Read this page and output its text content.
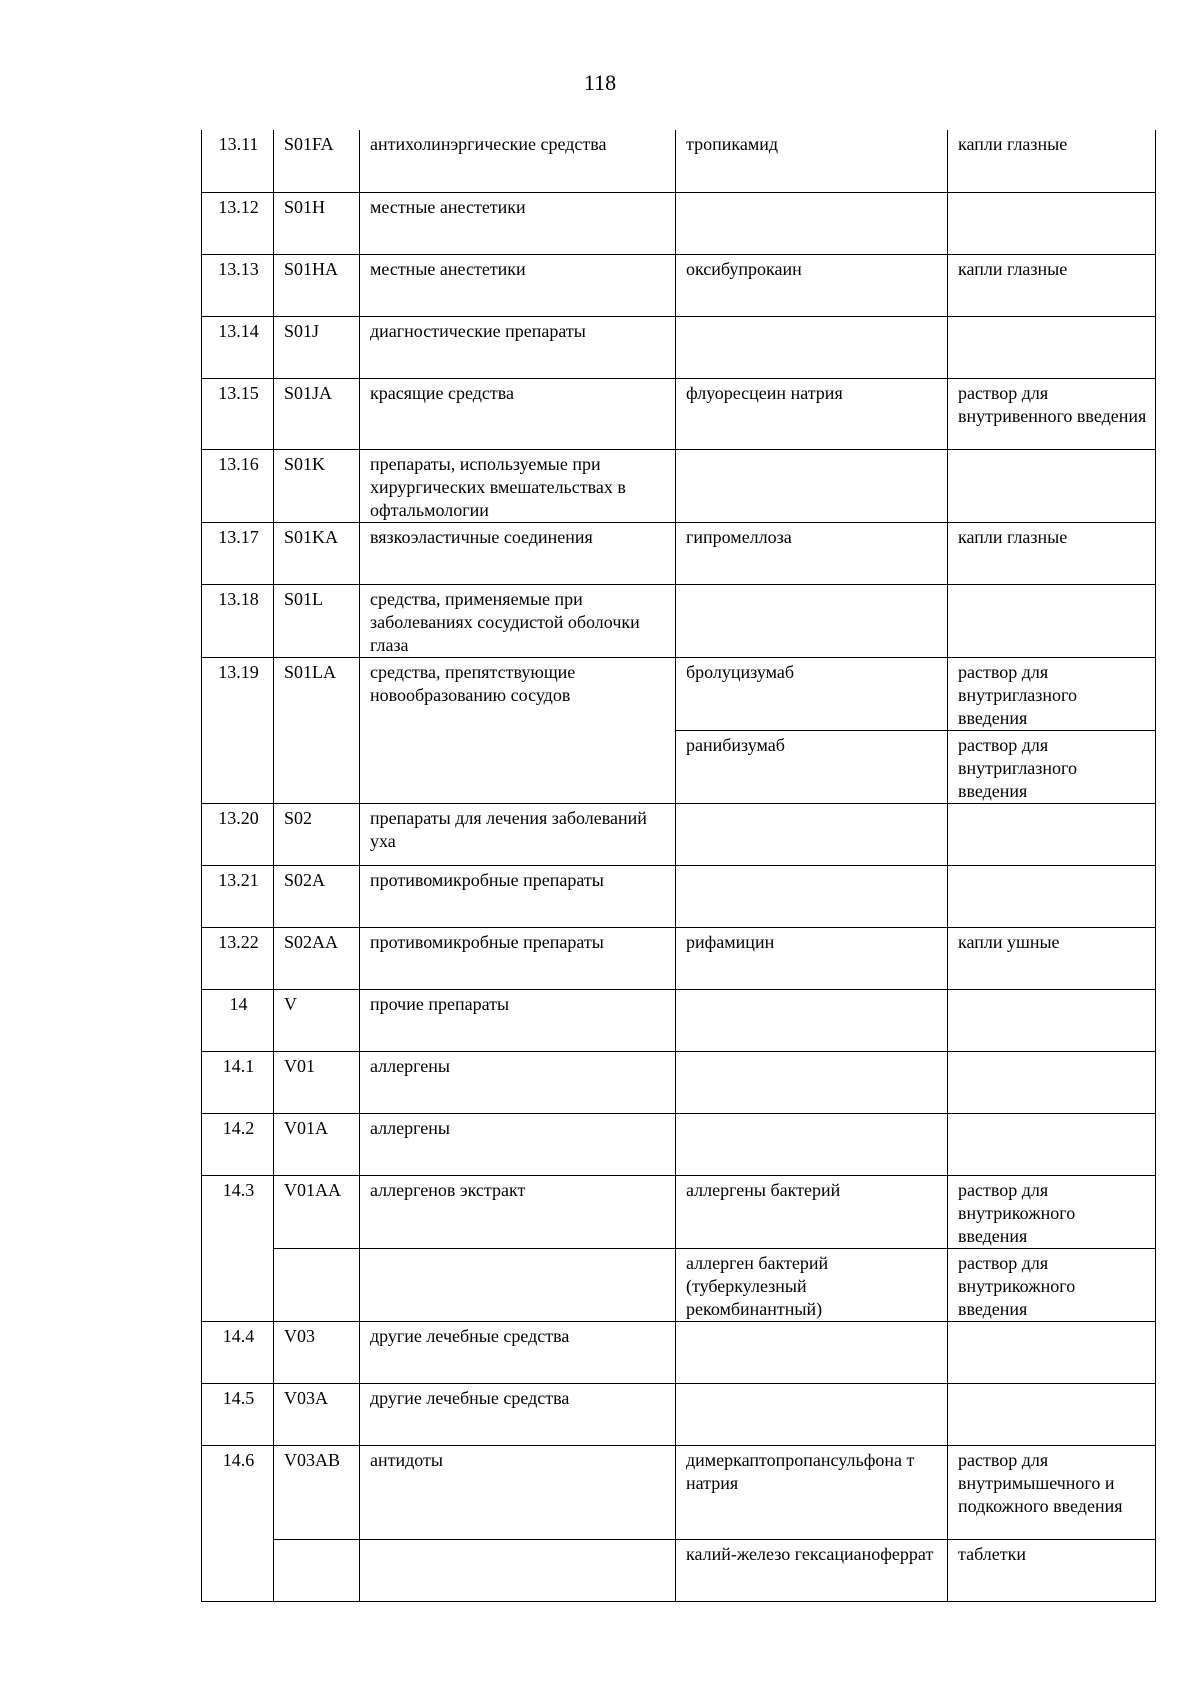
118
13.11	S01FA	антихолинэргические средства	тропикамид	капли глазные
13.12	S01H	местные анестетики		
13.13	S01HA	местные анестетики	оксибупрокаин	капли глазные
13.14	S01J	диагностические препараты		
13.15	S01JA	красящие средства	флуоресцеин натрия	раствор для внутривенного введения
13.16	S01K	препараты, используемые при хирургических вмешательствах в офтальмологии		
13.17	S01KA	вязкоэластичные соединения	гипромеллоза	капли глазные
13.18	S01L	средства, применяемые при заболеваниях сосудистой оболочки глаза		
13.19	S01LA	средства, препятствующие новообразованию сосудов	бролуцизумаб	раствор для внутриглазного введения
			ранибизумаб	раствор для внутриглазного введения
13.20	S02	препараты для лечения заболеваний уха		
13.21	S02A	противомикробные препараты		
13.22	S02AA	противомикробные препараты	рифамицин	капли ушные
14	V	прочие препараты		
14.1	V01	аллергены		
14.2	V01A	аллергены		
14.3	V01AA	аллергенов экстракт	аллергены бактерий	раствор для внутрикожного введения
			аллерген бактерий (туберкулезный рекомбинантный)	раствор для внутрикожного введения
14.4	V03	другие лечебные средства		
14.5	V03A	другие лечебные средства		
14.6	V03AB	антидоты	димеркаптопропансульфона т натрия	раствор для внутримышечного и подкожного введения
			калий-железо гексацианоферрат	таблетки
